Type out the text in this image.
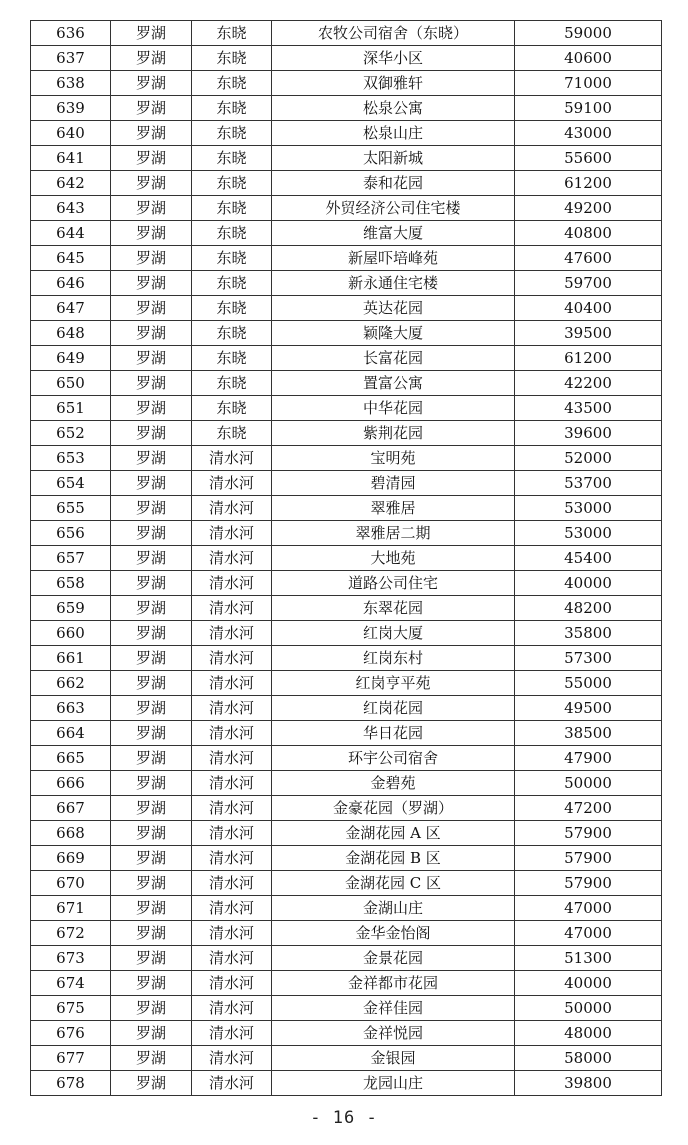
636	罗湖	东晓	农牧公司宿舍（东晓）	59000
637	罗湖	东晓	深华小区	40600
638	罗湖	东晓	双御雅轩	71000
639	罗湖	东晓	松泉公寓	59100
640	罗湖	东晓	松泉山庄	43000
641	罗湖	东晓	太阳新城	55600
642	罗湖	东晓	泰和花园	61200
643	罗湖	东晓	外贸经济公司住宅楼	49200
644	罗湖	东晓	维富大厦	40800
645	罗湖	东晓	新屋吓培峰苑	47600
646	罗湖	东晓	新永通住宅楼	59700
647	罗湖	东晓	英达花园	40400
648	罗湖	东晓	颖隆大厦	39500
649	罗湖	东晓	长富花园	61200
650	罗湖	东晓	置富公寓	42200
651	罗湖	东晓	中华花园	43500
652	罗湖	东晓	紫荆花园	39600
653	罗湖	清水河	宝明苑	52000
654	罗湖	清水河	碧清园	53700
655	罗湖	清水河	翠雅居	53000
656	罗湖	清水河	翠雅居二期	53000
657	罗湖	清水河	大地苑	45400
658	罗湖	清水河	道路公司住宅	40000
659	罗湖	清水河	东翠花园	48200
660	罗湖	清水河	红岗大厦	35800
661	罗湖	清水河	红岗东村	57300
662	罗湖	清水河	红岗亨平苑	55000
663	罗湖	清水河	红岗花园	49500
664	罗湖	清水河	华日花园	38500
665	罗湖	清水河	环宇公司宿舍	47900
666	罗湖	清水河	金碧苑	50000
667	罗湖	清水河	金豪花园（罗湖）	47200
668	罗湖	清水河	金湖花园 A 区	57900
669	罗湖	清水河	金湖花园 B 区	57900
670	罗湖	清水河	金湖花园 C 区	57900
671	罗湖	清水河	金湖山庄	47000
672	罗湖	清水河	金华金怡阁	47000
673	罗湖	清水河	金景花园	51300
674	罗湖	清水河	金祥都市花园	40000
675	罗湖	清水河	金祥佳园	50000
676	罗湖	清水河	金祥悦园	48000
677	罗湖	清水河	金银园	58000
678	罗湖	清水河	龙园山庄	39800
- 16 -
